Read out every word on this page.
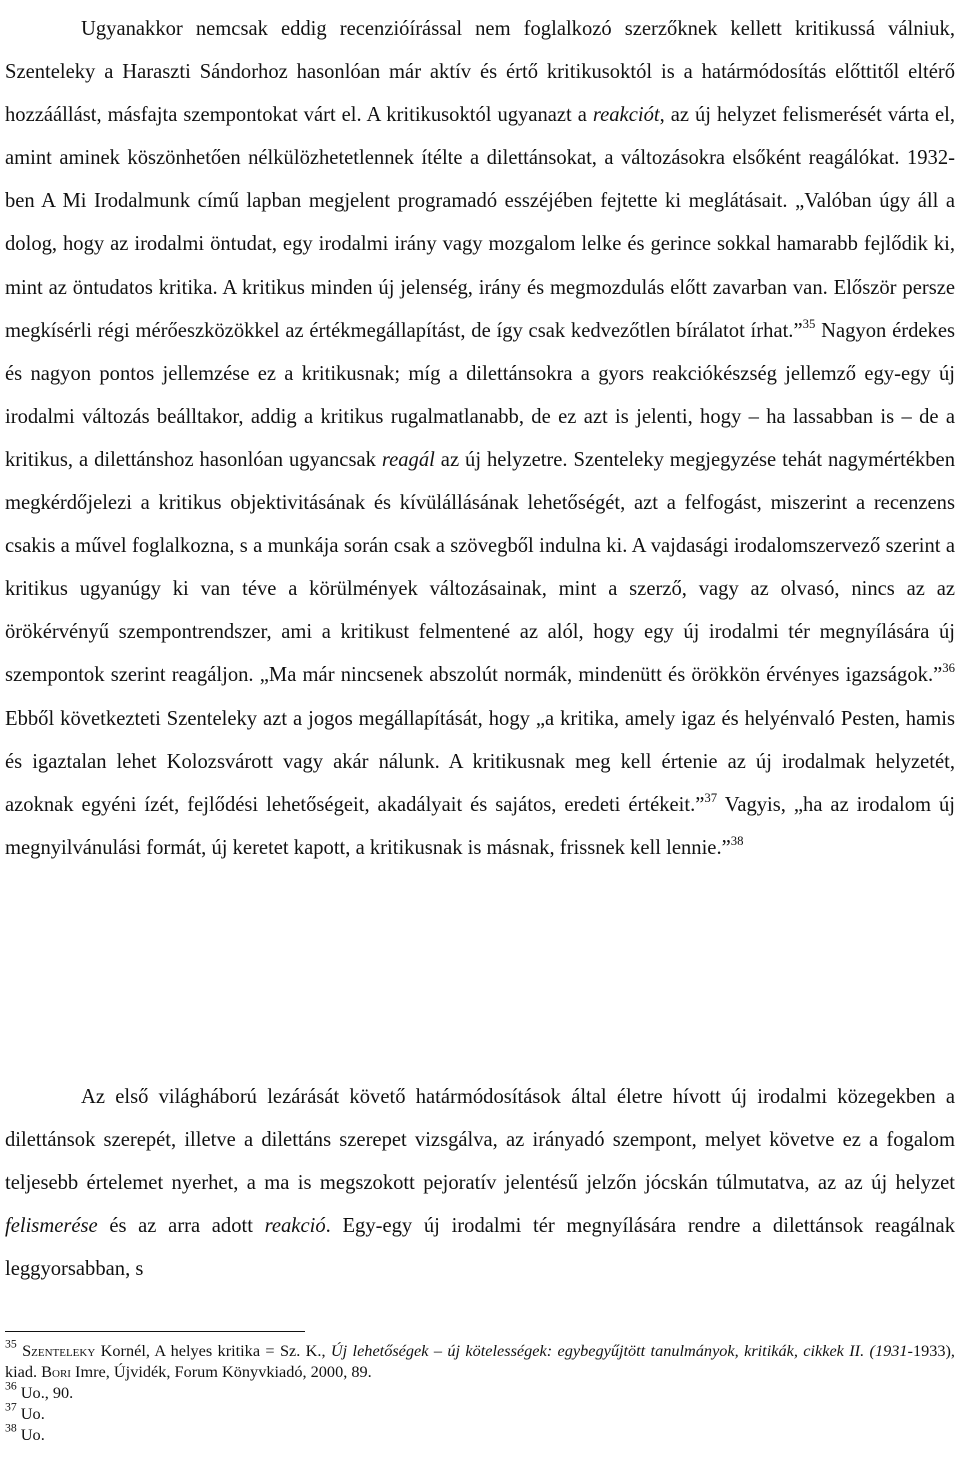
Ugyanakkor nemcsak eddig recenzióírással nem foglalkozó szerzőknek kellett kritikussá válniuk, Szenteleky a Haraszti Sándorhoz hasonlóan már aktív és értő kritikusoktól is a határmódosítás előttitől eltérő hozzáállást, másfajta szempontokat várt el. A kritikusoktól ugyanazt a reakciót, az új helyzet felismerését várta el, amint aminek köszönhetően nélkülözhetetlennek ítélte a dilettánsokat, a változásokra elsőként reagálókat. 1932-ben A Mi Irodalmunk című lapban megjelent programadó esszéjében fejtette ki meglátásait. „Valóban úgy áll a dolog, hogy az irodalmi öntudat, egy irodalmi irány vagy mozgalom lelke és gerince sokkal hamarabb fejlődik ki, mint az öntudatos kritika. A kritikus minden új jelenség, irány és megmozdulás előtt zavarban van. Először persze megkísérli régi mérőeszközökkel az értékmegállapítást, de így csak kedvezőtlen bírálatot írhat.”$^{35}$ Nagyon érdekes és nagyon pontos jellemzése ez a kritikusnak; míg a dilettánsokra a gyors reakciókészség jellemző egy-egy új irodalmi változás beálltakor, addig a kritikus rugalmatlanabb, de ez azt is jelenti, hogy – ha lassabban is – de a kritikus, a dilettánshoz hasonlóan ugyancsak reagál az új helyzetre. Szenteleky megjegyzése tehát nagymértékben megkérdőjelezi a kritikus objektivitásának és kívülállásának lehetőségét, azt a felfogást, miszerint a recenzens csakis a művel foglalkozna, s a munkája során csak a szövegből indulna ki. A vajdasági irodalomszervező szerint a kritikus ugyanúgy ki van téve a körülmények változásainak, mint a szerző, vagy az olvasó, nincs az az örökérvényű szempontrendszer, ami a kritikust felmentené az alól, hogy egy új irodalmi tér megnyílására új szempontok szerint reagáljon. „Ma már nincsenek abszolút normák, mindenütt és örökkön érvényes igazságok.”$^{36}$ Ebből következteti Szenteleky azt a jogos megállapítását, hogy „a kritika, amely igaz és helyénvaló Pesten, hamis és igaztalan lehet Kolozsvárott vagy akár nálunk. A kritikusnak meg kell értenie az új irodalmak helyzetét, azoknak egyéni ízét, fejlődési lehetőségeit, akadályait és sajátos, eredeti értékeit.”$^{37}$ Vagyis, „ha az irodalom új megnyilvánulási formát, új keretet kapott, a kritikusnak is másnak, frissnek kell lennie.”$^{38}$

Az első világháború lezárását követő határmódosítások által életre hívott új irodalmi közegekben a dilettánsok szerepét, illetve a dilettáns szerepet vizsgálva, az irányadó szempont, melyet követve ez a fogalom teljesebb értelemet nyerhet, a ma is megszokott pejoratív jelentésű jelzőn jócskán túlmutatva, az az új helyzet felismerése és az arra adott reakció. Egy-egy új irodalmi tér megnyílására rendre a dilettánsok reagálnak leggyorsabban, s

$^{35}$ Szenteleky Kornél, A helyes kritika = Sz. K., Új lehetőségek – új kötelességek: egybegyűjtött tanulmányok, kritikák, cikkek II. (1931-1933), kiad. Bori Imre, Újvidék, Forum Könyvkiadó, 2000, 89.

$^{36}$ Uo., 90.

$^{37}$ Uo.

$^{38}$ Uo.
